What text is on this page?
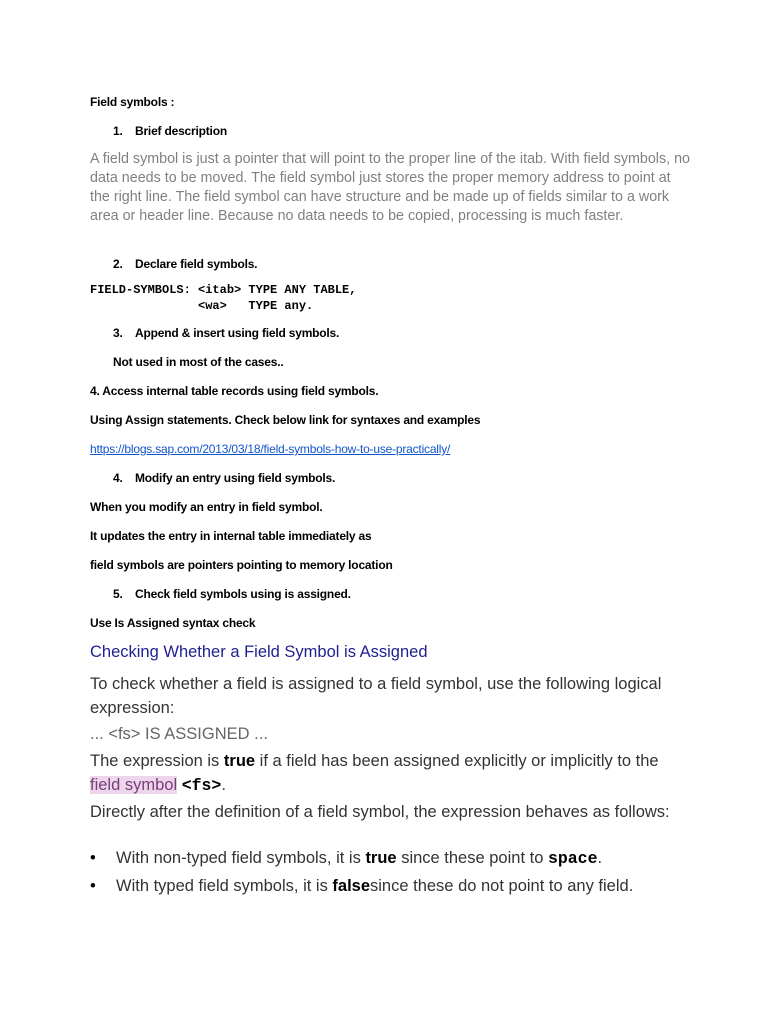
Field symbols :
1. Brief description
A field symbol is just a pointer that will point to the proper line of the itab. With field symbols, no data needs to be moved. The field symbol just stores the proper memory address to point at the right line. The field symbol can have structure and be made up of fields similar to a work area or header line. Because no data needs to be copied, processing is much faster.
2. Declare field symbols.
FIELD-SYMBOLS: <itab> TYPE ANY TABLE,
<wa>   TYPE any.
3. Append & insert using field symbols.
Not used in most of the cases..
4. Access internal table records using field symbols.
Using Assign statements. Check below link for syntaxes and examples
https://blogs.sap.com/2013/03/18/field-symbols-how-to-use-practically/
4. Modify an entry using field symbols.
When you modify an entry in field symbol.
It updates the entry in internal table immediately as
field symbols are pointers pointing to memory location
5. Check field symbols using is assigned.
Use Is Assigned syntax check
Checking Whether a Field Symbol is Assigned
To check whether a field is assigned to a field symbol, use the following logical expression:
... <fs> IS ASSIGNED ...
The expression is true if a field has been assigned explicitly or implicitly to the field symbol <fs>.
Directly after the definition of a field symbol, the expression behaves as follows:
• With non-typed field symbols, it is true since these point to space.
• With typed field symbols, it is falsesince these do not point to any field.
